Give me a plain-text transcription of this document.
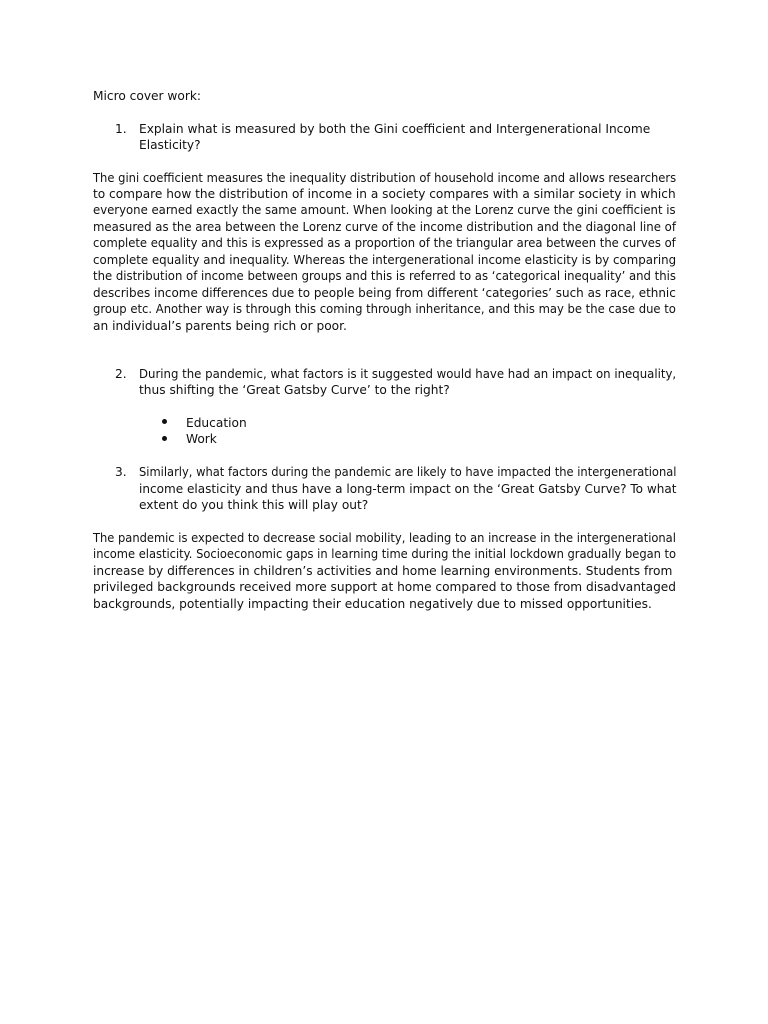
Micro cover work:
1. Explain what is measured by both the Gini coefficient and Intergenerational Income
Elasticity?
The gini coefficient measures the inequality distribution of household income and allows researchers
to compare how the distribution of income in a society compares with a similar society in which
everyone earned exactly the same amount. When looking at the Lorenz curve the gini coefficient is
measured as the area between the Lorenz curve of the income distribution and the diagonal line of
complete equality and this is expressed as a proportion of the triangular area between the curves of
complete equality and inequality. Whereas the intergenerational income elasticity is by comparing
the distribution of income between groups and this is referred to as ‘categorical inequality’ and this
describes income differences due to people being from different ‘categories’ such as race, ethnic
group etc. Another way is through this coming through inheritance, and this may be the case due to
an individual’s parents being rich or poor.
2. During the pandemic, what factors is it suggested would have had an impact on inequality,
thus shifting the ‘Great Gatsby Curve’ to the right?
Education
Work
3. Similarly, what factors during the pandemic are likely to have impacted the intergenerational
income elasticity and thus have a long-term impact on the ‘Great Gatsby Curve? To what
extent do you think this will play out?
The pandemic is expected to decrease social mobility, leading to an increase in the intergenerational
income elasticity. Socioeconomic gaps in learning time during the initial lockdown gradually began to
increase by differences in children’s activities and home learning environments. Students from
privileged backgrounds received more support at home compared to those from disadvantaged
backgrounds, potentially impacting their education negatively due to missed opportunities.
